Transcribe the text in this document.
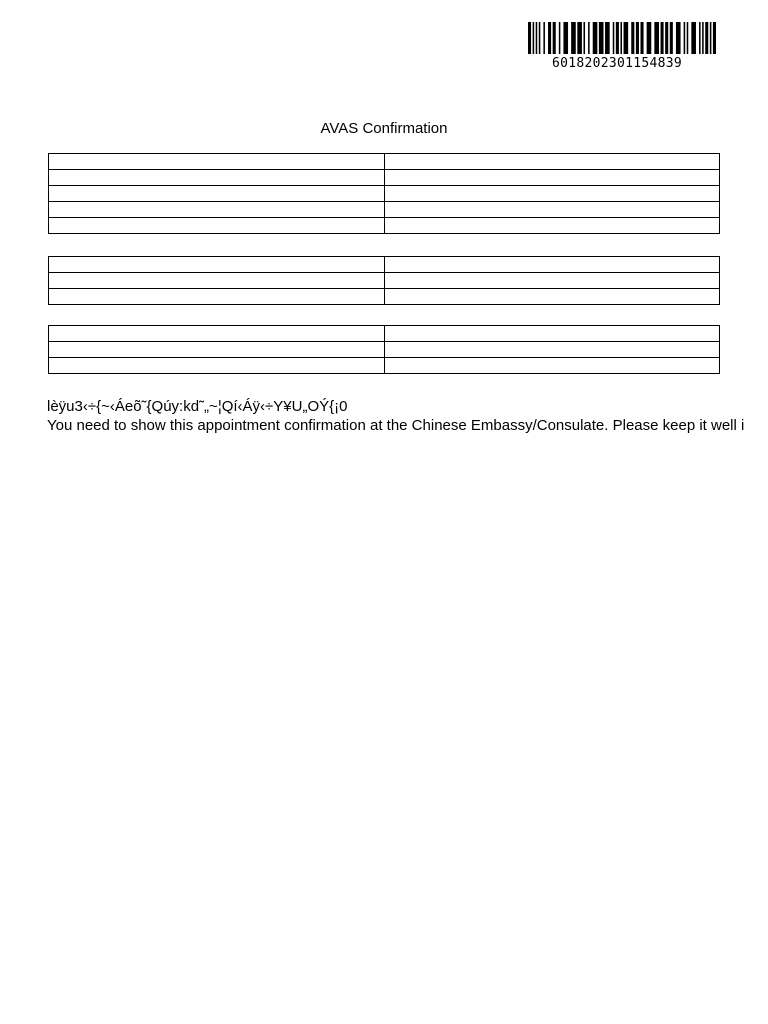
6018202301154839
AVAS Confirmation

lèÿu3‹÷{~‹Áeõ˜{Qúy:kd˜„~¦Qí‹Áÿ‹÷Y¥U„OÝ{¡0
You need to show this appointment confirmation at the Chinese Embassy/Consulate. Please keep it well i
